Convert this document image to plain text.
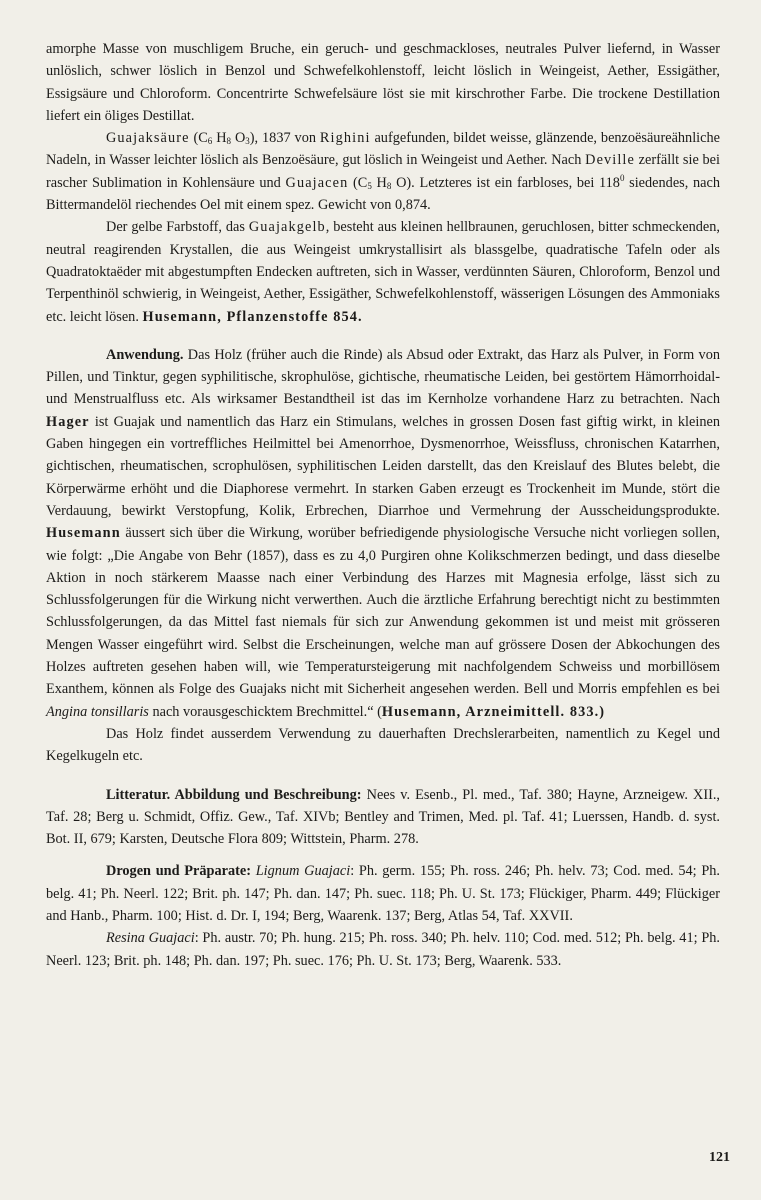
amorphe Masse von muschligem Bruche, ein geruch- und geschmackloses, neutrales Pulver liefernd, in Wasser unlöslich, schwer löslich in Benzol und Schwefelkohlenstoff, leicht löslich in Weingeist, Aether, Essigäther, Essigsäure und Chloroform. Concentrirte Schwefelsäure löst sie mit kirschrother Farbe. Die trockene Destillation liefert ein öliges Destillat.

Guajaksäure ($C_6$ $H_8$ $O_3$), 1837 von Righini aufgefunden, bildet weisse, glänzende, benzoësäureähnliche Nadeln, in Wasser leichter löslich als Benzoësäure, gut löslich in Weingeist und Aether. Nach Deville zerfällt sie bei rascher Sublimation in Kohlensäure und Guajacen ($C_5$ $H_8$ O). Letzteres ist ein farbloses, bei $118^0$ siedendes, nach Bittermandelöl riechendes Oel mit einem spez. Gewicht von 0,874.

Der gelbe Farbstoff, das Guajakgelb, besteht aus kleinen hellbraunen, geruchlosen, bitter schmeckenden, neutral reagirenden Krystallen, die aus Weingeist umkrystallisirt als blassgelbe, quadratische Tafeln oder als Quadratoktaëder mit abgestumpften Endecken auftreten, sich in Wasser, verdünnten Säuren, Chloroform, Benzol und Terpenthinöl schwierig, in Weingeist, Aether, Essigäther, Schwefelkohlenstoff, wässerigen Lösungen des Ammoniaks etc. leicht lösen. Husemann, Pflanzenstoffe 854.

Anwendung. Das Holz (früher auch die Rinde) als Absud oder Extrakt, das Harz als Pulver, in Form von Pillen, und Tinktur, gegen syphilitische, skrophulöse, gichtische, rheumatische Leiden, bei gestörtem Hämorrhoidal- und Menstrualfluss etc. Als wirksamer Bestandtheil ist das im Kernholze vorhandene Harz zu betrachten. Nach Hager ist Guajak und namentlich das Harz ein Stimulans, welches in grossen Dosen fast giftig wirkt, in kleinen Gaben hingegen ein vortreffliches Heilmittel bei Amenorrhoe, Dysmenorrhoe, Weissfluss, chronischen Katarrhen, gichtischen, rheumatischen, scrophulösen, syphilitischen Leiden darstellt, das den Kreislauf des Blutes belebt, die Körperwärme erhöht und die Diaphorese vermehrt. In starken Gaben erzeugt es Trockenheit im Munde, stört die Verdauung, bewirkt Verstopfung, Kolik, Erbrechen, Diarrhoe und Vermehrung der Ausscheidungsprodukte. Husemann äussert sich über die Wirkung, worüber befriedigende physiologische Versuche nicht vorliegen sollen, wie folgt: „Die Angabe von Behr (1857), dass es zu 4,0 Purgiren ohne Kolikschmerzen bedingt, und dass dieselbe Aktion in noch stärkerem Maasse nach einer Verbindung des Harzes mit Magnesia erfolge, lässt sich zu Schlussfolgerungen für die Wirkung nicht verwerthen. Auch die ärztliche Erfahrung berechtigt nicht zu bestimmten Schlussfolgerungen, da das Mittel fast niemals für sich zur Anwendung gekommen ist und meist mit grösseren Mengen Wasser eingeführt wird. Selbst die Erscheinungen, welche man auf grössere Dosen der Abkochungen des Holzes auftreten gesehen haben will, wie Temperatursteigerung mit nachfolgendem Schweiss und morbillösem Exanthem, können als Folge des Guajaks nicht mit Sicherheit angesehen werden. Bell und Morris empfehlen es bei Angina tonsillaris nach vorausgeschicktem Brechmittel.“ (Husemann, Arzneimittell. 833.)

Das Holz findet ausserdem Verwendung zu dauerhaften Drechslerarbeiten, namentlich zu Kegel und Kegelkugeln etc.

Litteratur. Abbildung und Beschreibung: Nees v. Esenb., Pl. med., Taf. 380; Hayne, Arzneigew. XII., Taf. 28; Berg u. Schmidt, Offiz. Gew., Taf. XIVb; Bentley and Trimen, Med. pl. Taf. 41; Luerssen, Handb. d. syst. Bot. II, 679; Karsten, Deutsche Flora 809; Wittstein, Pharm. 278.

Drogen und Präparate: Lignum Guajaci: Ph. germ. 155; Ph. ross. 246; Ph. helv. 73; Cod. med. 54; Ph. belg. 41; Ph. Neerl. 122; Brit. ph. 147; Ph. dan. 147; Ph. suec. 118; Ph. U. St. 173; Flückiger, Pharm. 449; Flückiger and Hanb., Pharm. 100; Hist. d. Dr. I, 194; Berg, Waarenk. 137; Berg, Atlas 54, Taf. XXVII.

Resina Guajaci: Ph. austr. 70; Ph. hung. 215; Ph. ross. 340; Ph. helv. 110; Cod. med. 512; Ph. belg. 41; Ph. Neerl. 123; Brit. ph. 148; Ph. dan. 197; Ph. suec. 176; Ph. U. St. 173; Berg, Waarenk. 533.

121
